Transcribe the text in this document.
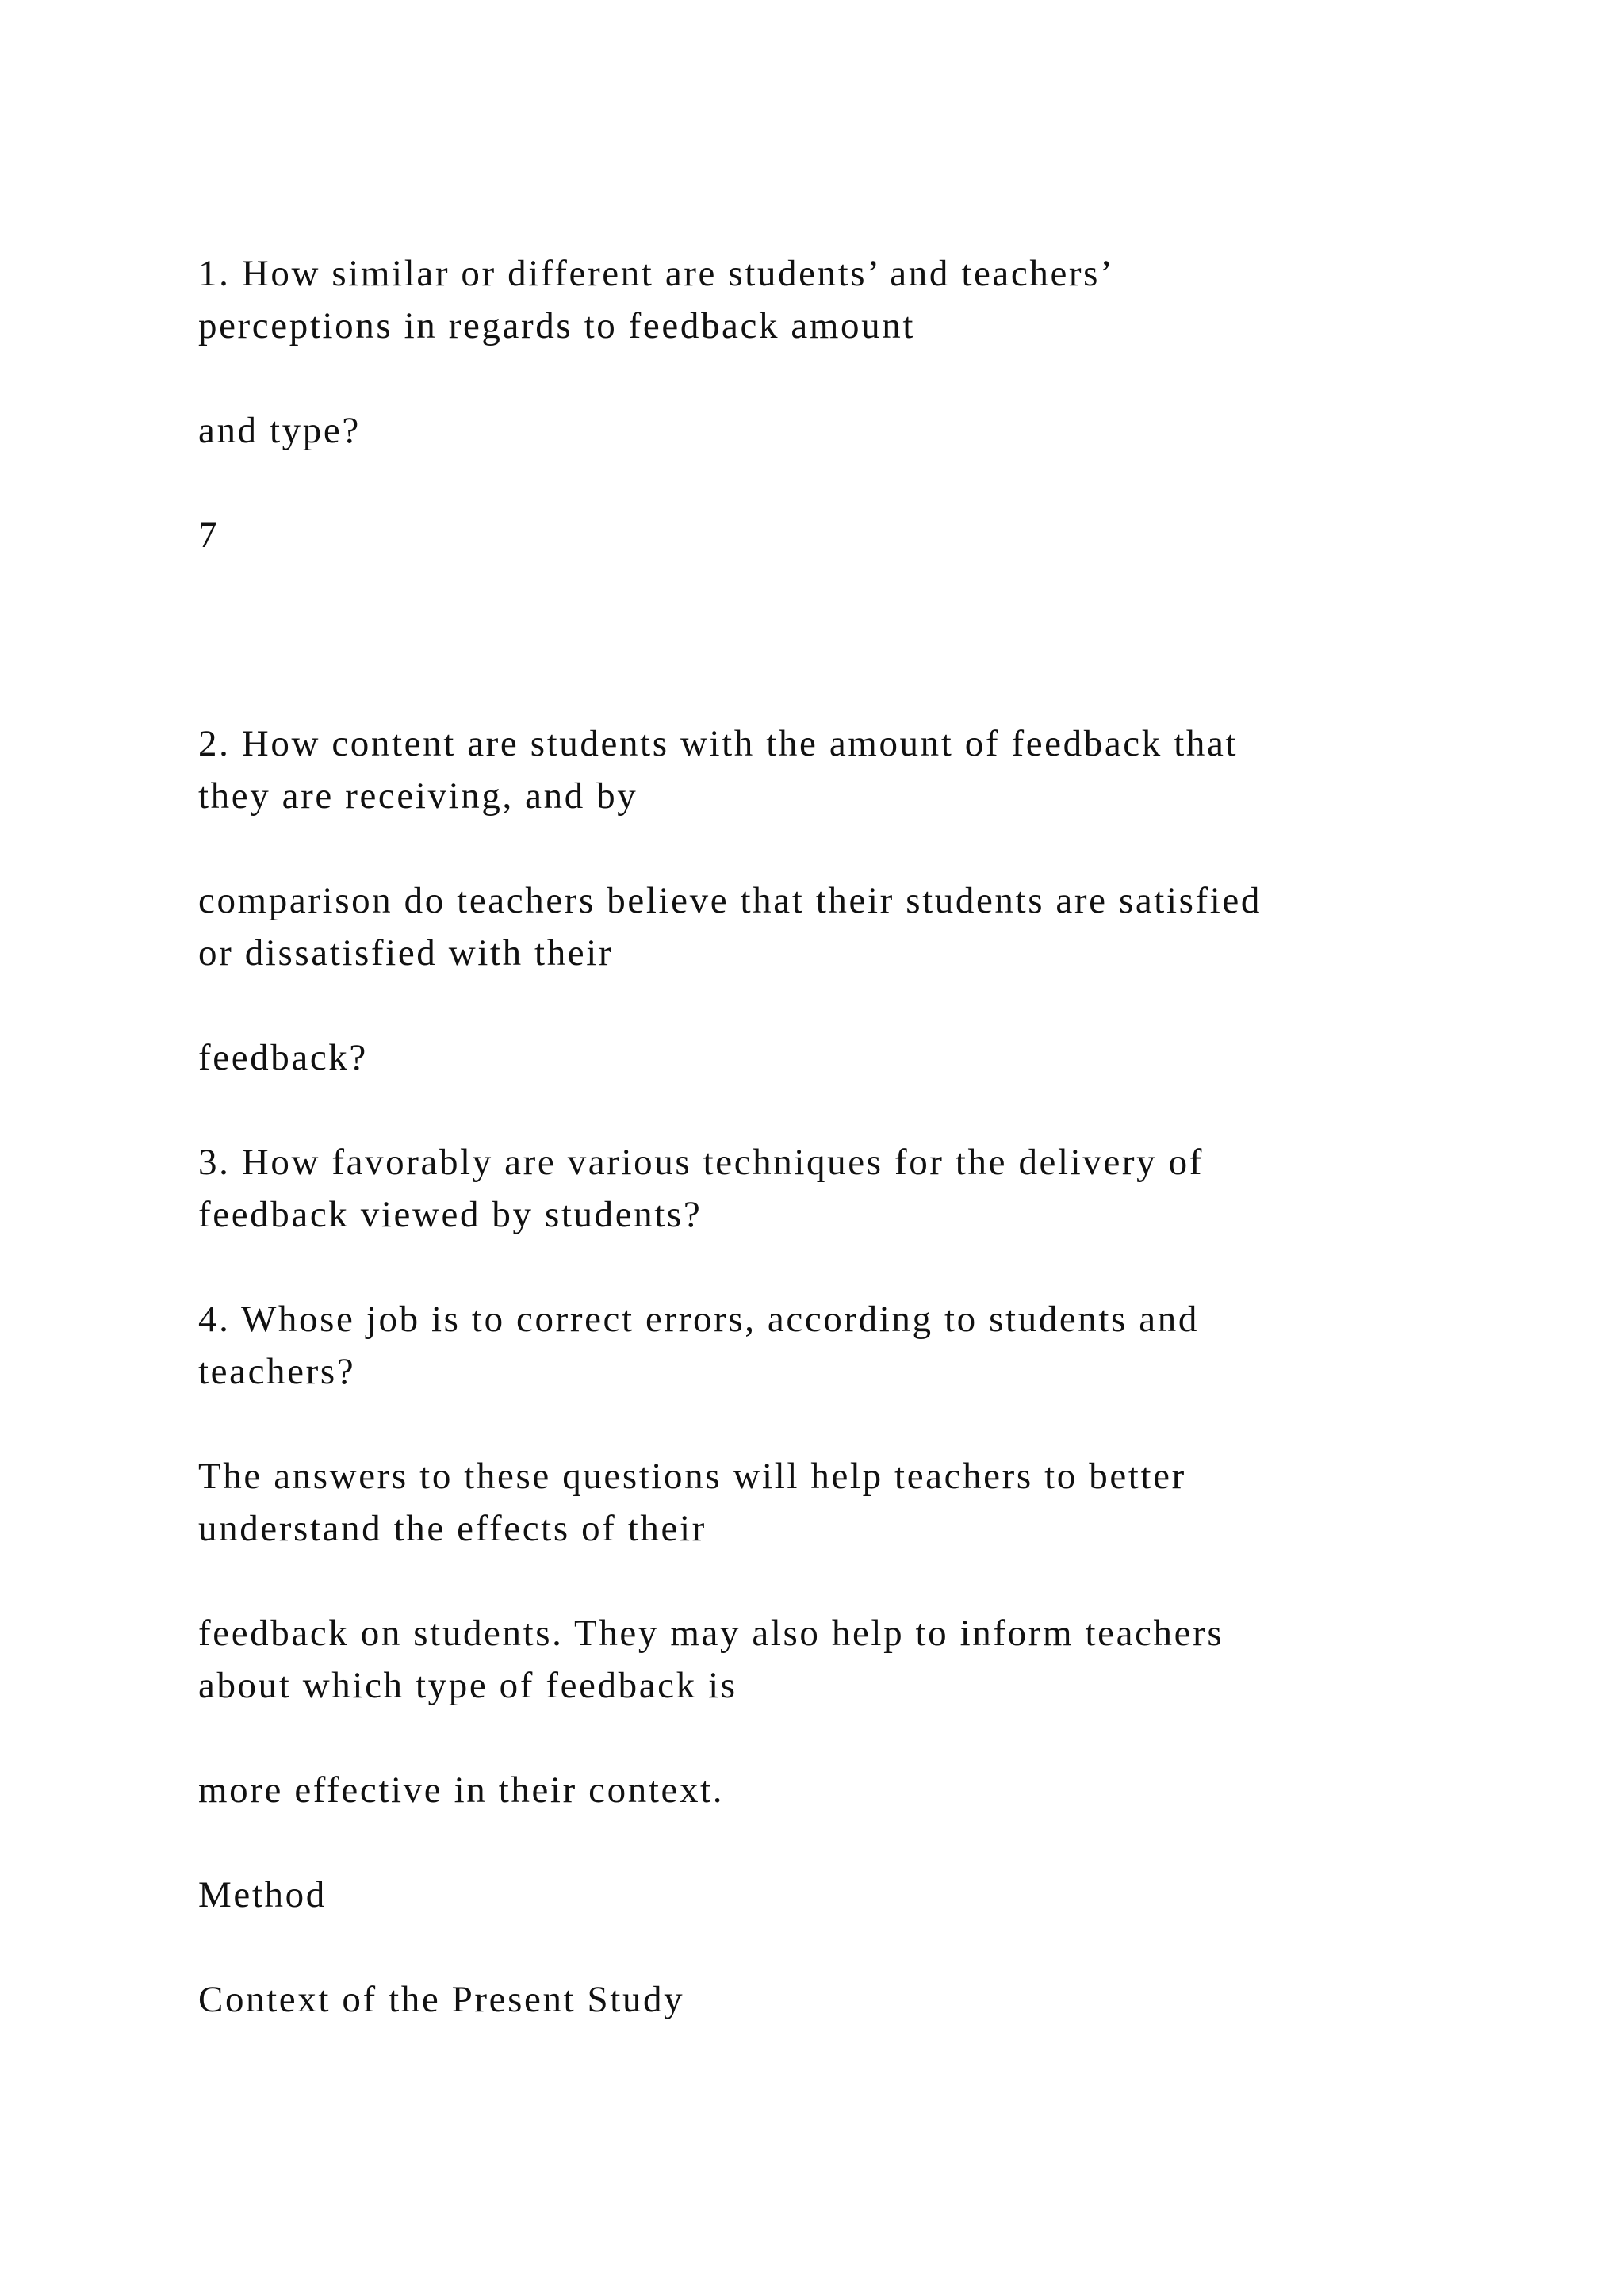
1. How similar or different are students’ and teachers’

perceptions in regards to feedback amount

and type?

7

2. How content are students with the amount of feedback that

they are receiving, and by

comparison do teachers believe that their students are satisfied

or dissatisfied with their

feedback?

3. How favorably are various techniques for the delivery of

feedback viewed by students?

4. Whose job is to correct errors, according to students and

teachers?

The answers to these questions will help teachers to better

understand the effects of their

feedback on students. They may also help to inform teachers

about which type of feedback is

more effective in their context.

Method

Context of the Present Study
